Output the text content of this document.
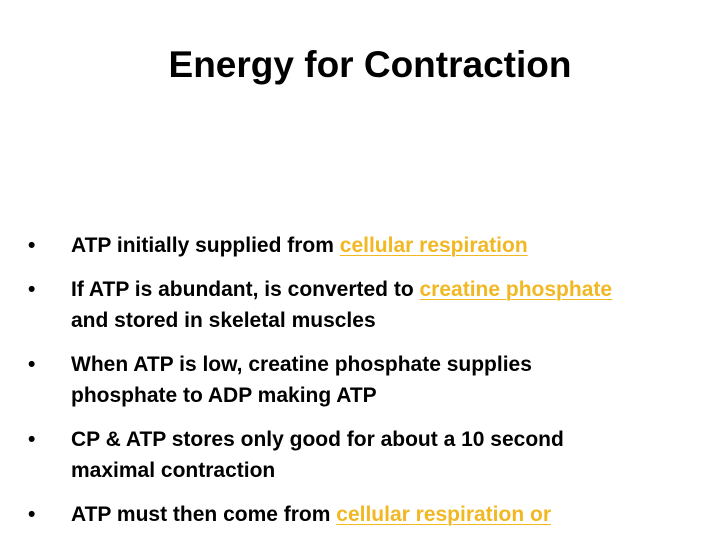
Energy for Contraction
• ATP initially supplied from cellular respiration
• If ATP is abundant, is converted to creatine phosphate
and stored in skeletal muscles
• When ATP is low, creatine phosphate supplies
phosphate to ADP making ATP
• CP & ATP stores only good for about a 10 second
maximal contraction
• ATP must then come from cellular respiration or
